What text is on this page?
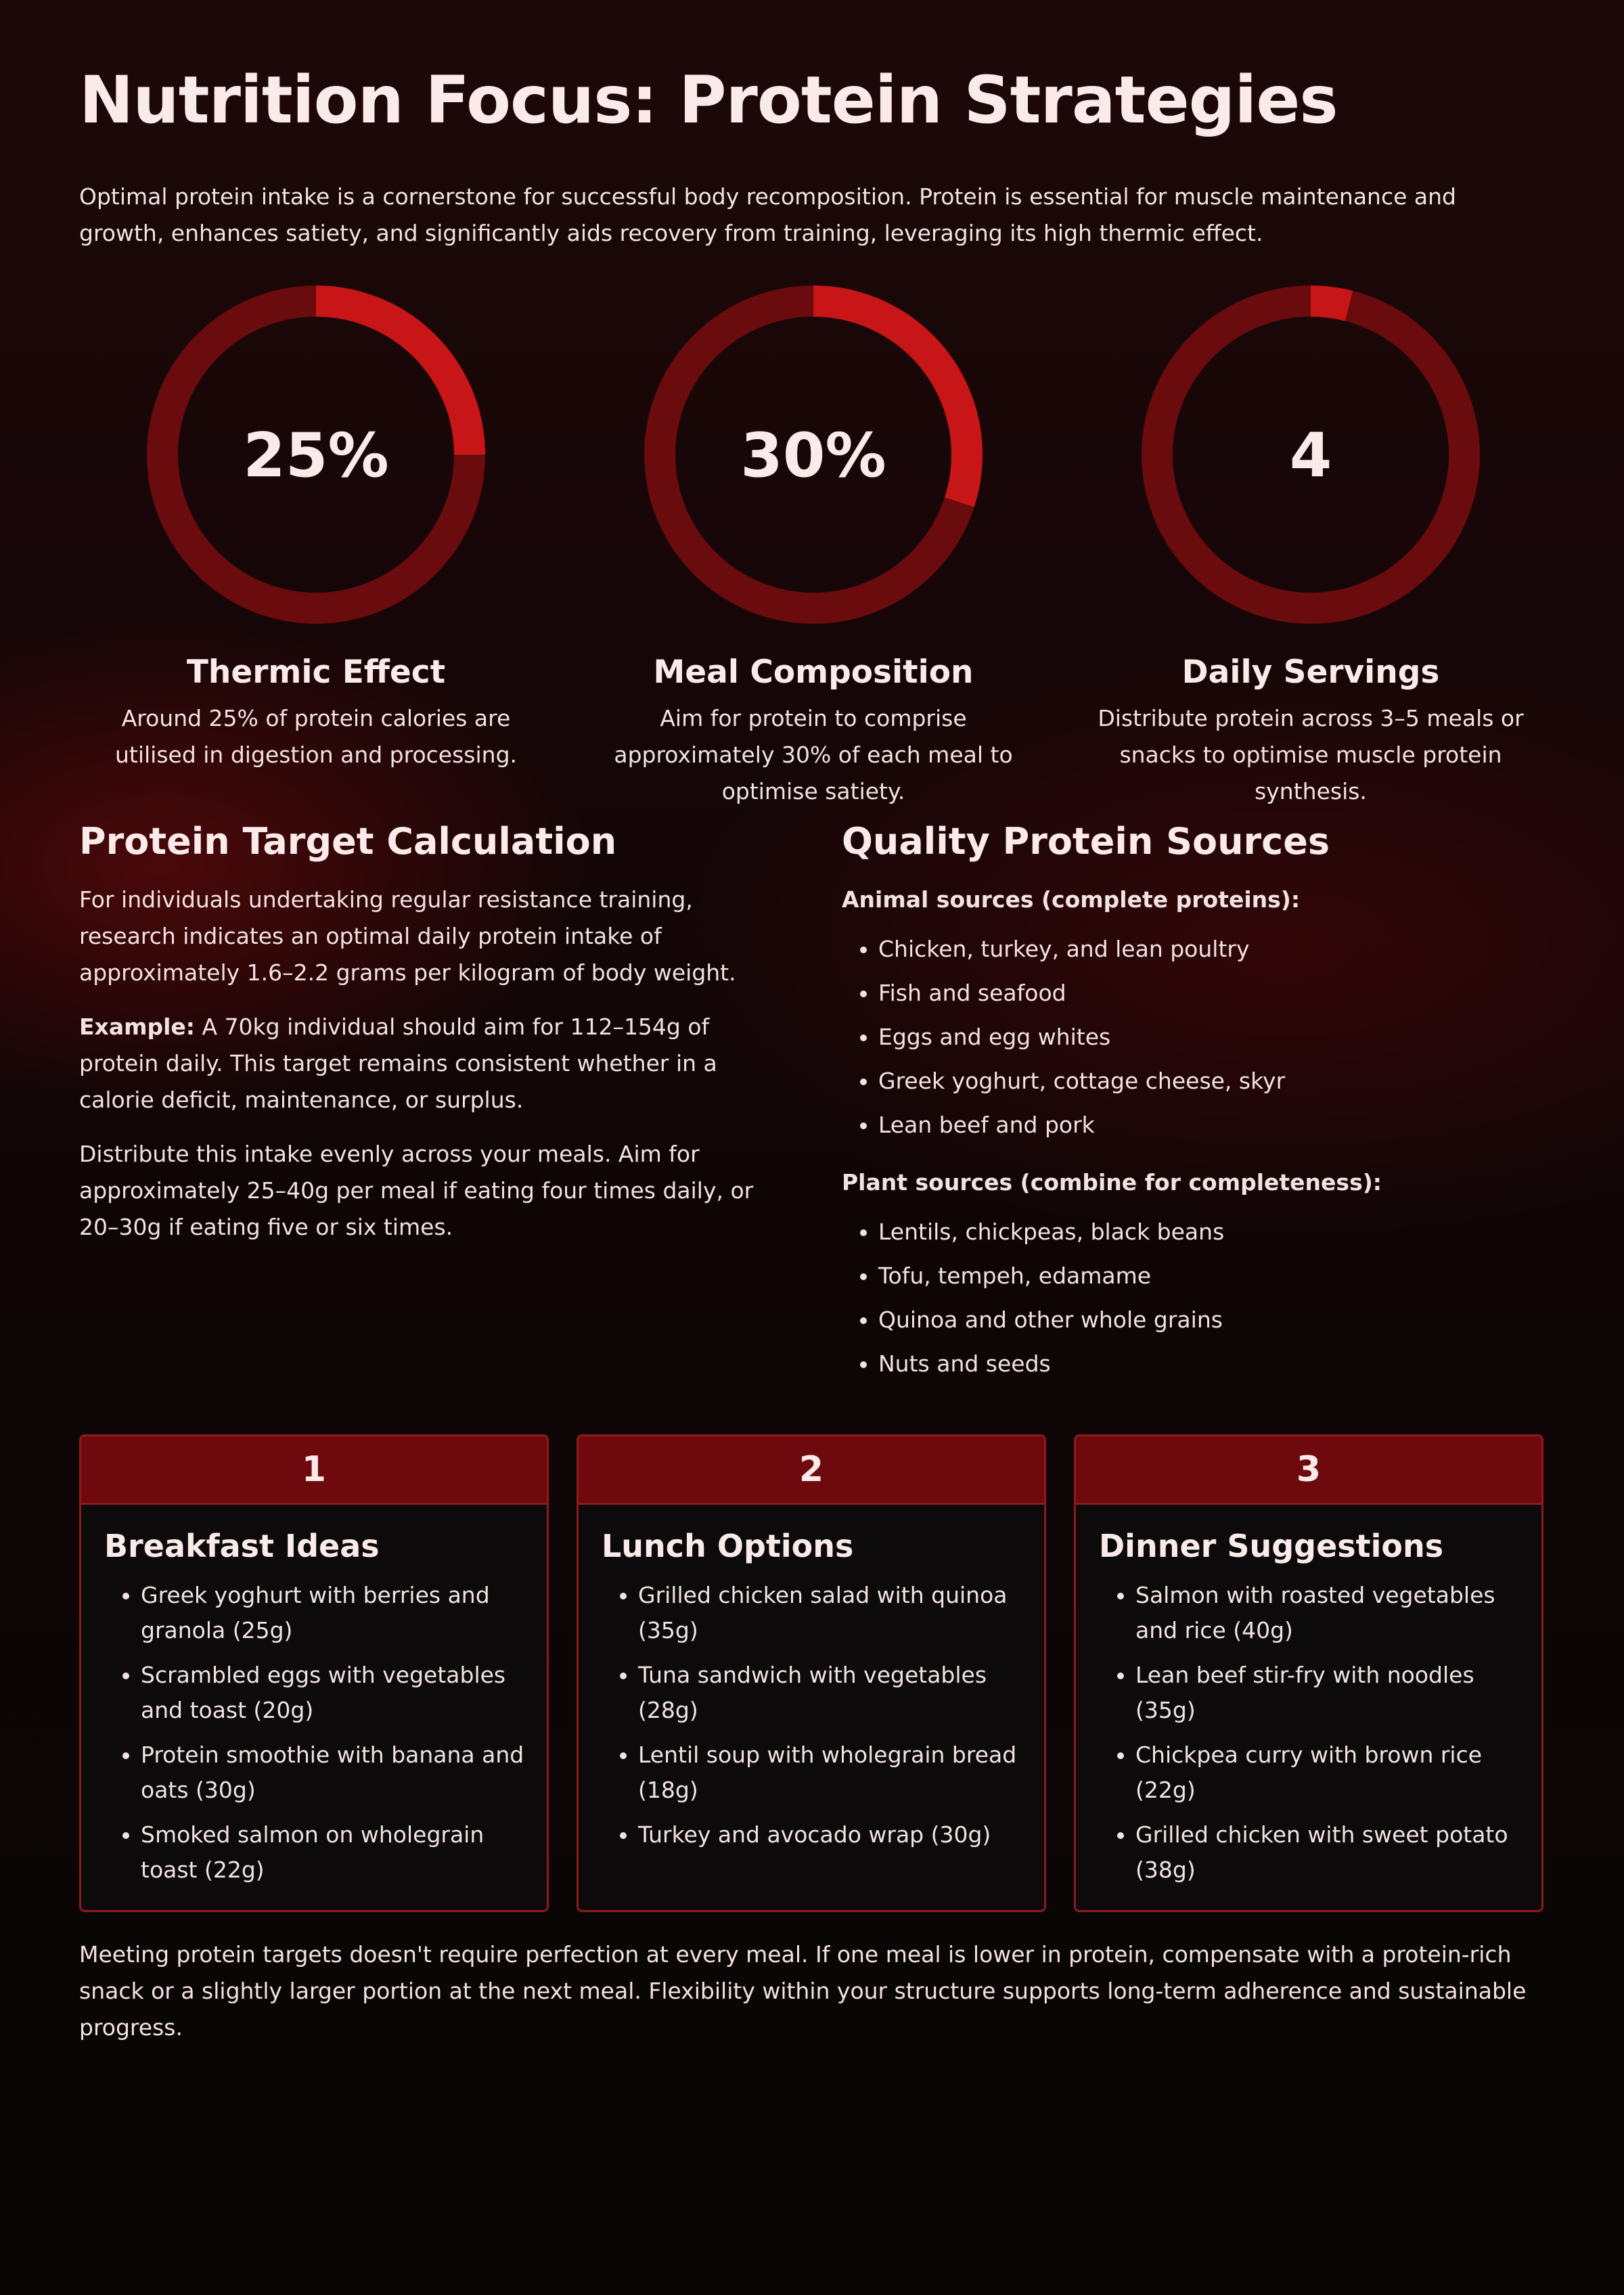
Nutrition Focus: Protein Strategies

Optimal protein intake is a cornerstone for successful body recomposition. Protein is essential for muscle maintenance and growth, enhances satiety, and significantly aids recovery from training, leveraging its high thermic effect.

25%
Thermic Effect

Around 25% of protein calories are utilised in digestion and processing.

30%
Meal Composition

Aim for protein to comprise approximately 30% of each meal to optimise satiety.

4
Daily Servings

Distribute protein across 3–5 meals or snacks to optimise muscle protein synthesis.

Protein Target Calculation

For individuals undertaking regular resistance training, research indicates an optimal daily protein intake of approximately 1.6–2.2 grams per kilogram of body weight.

Example: A 70kg individual should aim for 112–154g of protein daily. This target remains consistent whether in a calorie deficit, maintenance, or surplus.

Distribute this intake evenly across your meals. Aim for approximately 25–40g per meal if eating four times daily, or 20–30g if eating five or six times.

Quality Protein Sources

Animal sources (complete proteins):

• Chicken, turkey, and lean poultry
• Fish and seafood
• Eggs and egg whites
• Greek yoghurt, cottage cheese, skyr
• Lean beef and pork

Plant sources (combine for completeness):

• Lentils, chickpeas, black beans
• Tofu, tempeh, edamame
• Quinoa and other whole grains
• Nuts and seeds
1
Breakfast Ideas
• Greek yoghurt with berries and granola (25g)
• Scrambled eggs with vegetables and toast (20g)
• Protein smoothie with banana and oats (30g)
• Smoked salmon on wholegrain toast (22g)
2
Lunch Options
• Grilled chicken salad with quinoa (35g)
• Tuna sandwich with vegetables (28g)
• Lentil soup with wholegrain bread (18g)
• Turkey and avocado wrap (30g)
3
Dinner Suggestions
• Salmon with roasted vegetables and rice (40g)
• Lean beef stir-fry with noodles (35g)
• Chickpea curry with brown rice (22g)
• Grilled chicken with sweet potato (38g)

Meeting protein targets doesn't require perfection at every meal. If one meal is lower in protein, compensate with a protein-rich snack or a slightly larger portion at the next meal. Flexibility within your structure supports long-term adherence and sustainable progress.
